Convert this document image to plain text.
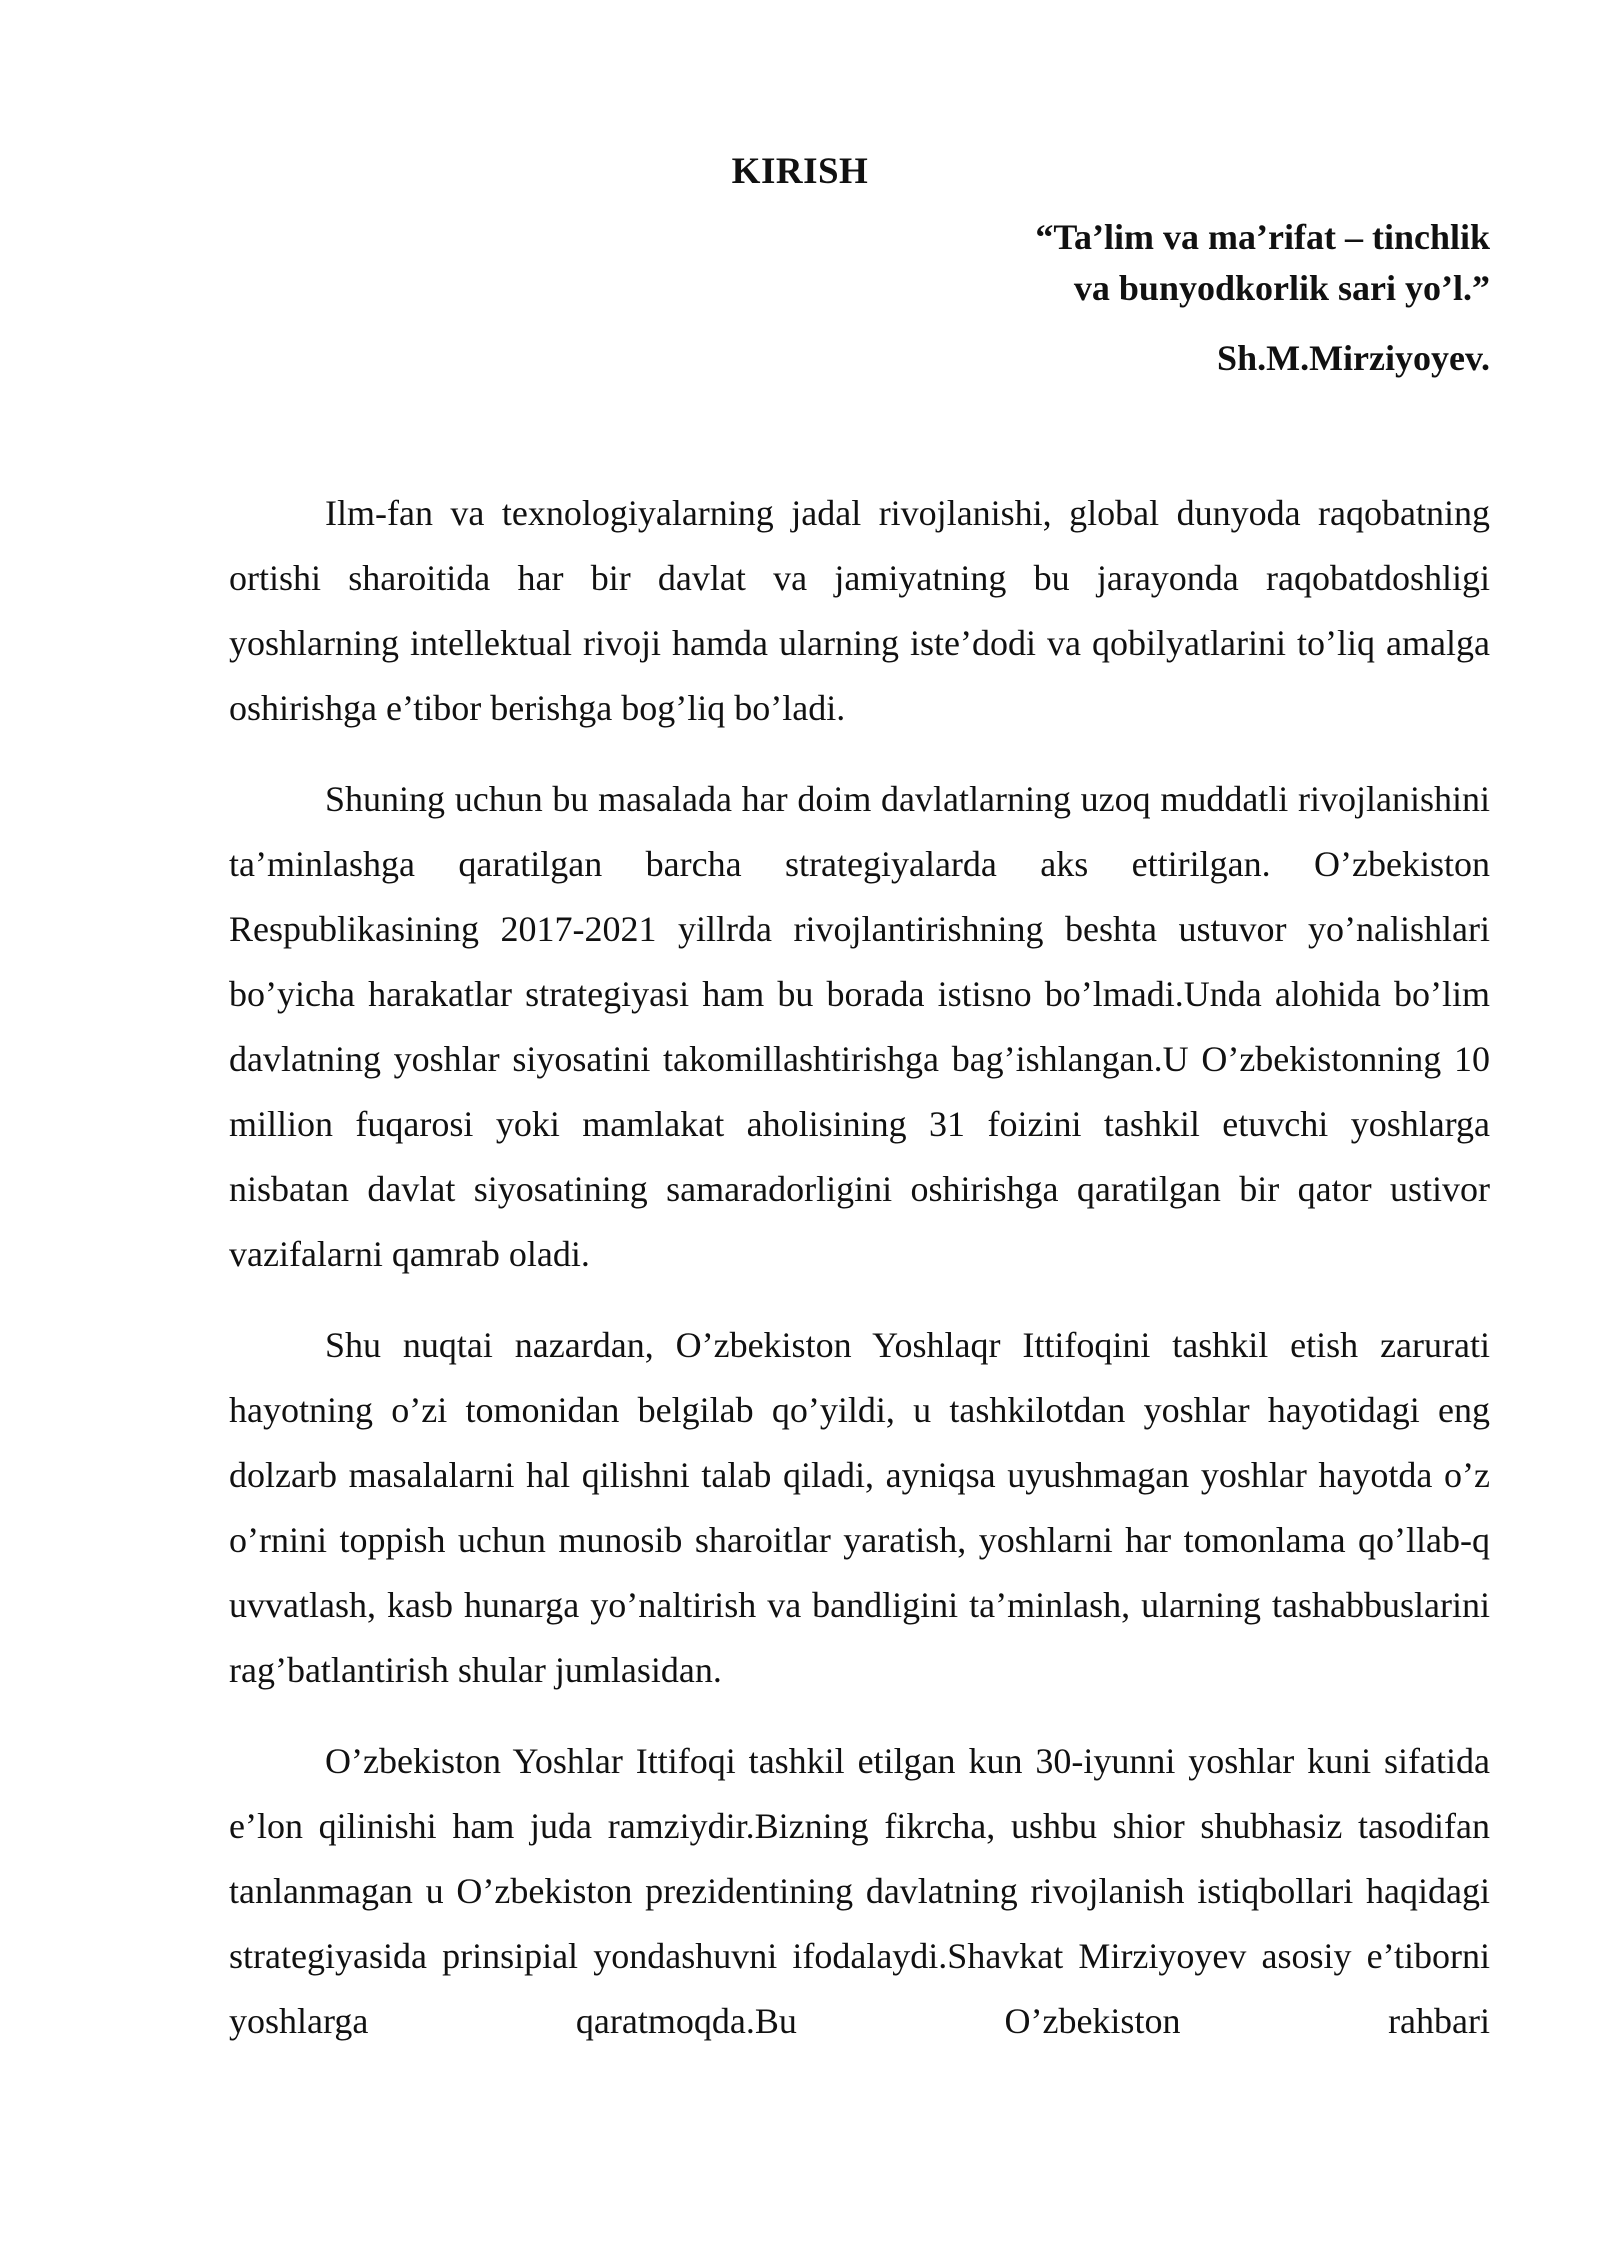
KIRISH
“Ta’lim va ma’rifat – tinchlik
va bunyodkorlik sari yo’l.”
Sh.M.Mirziyoyev.

Ilm-fan va texnologiyalarning jadal rivojlanishi, global dunyoda raqobatning ortishi sharoitida har bir davlat va jamiyatning bu jarayonda raqobatdoshligi yoshlarning intellektual rivoji hamda ularning iste’dodi va qobilyatlarini to’liq amalga oshirishga e’tibor berishga bog’liq bo’ladi.

Shuning uchun bu masalada har doim davlatlarning uzoq muddatli rivojlanishini ta’minlashga qaratilgan barcha strategiyalarda aks ettirilgan. O’zbekiston Respublikasining 2017-2021 yillrda rivojlantirishning beshta ustuvor yo’nalishlari bo’yicha harakatlar strategiyasi ham bu borada istisno bo’lmadi.Unda alohida bo’lim davlatning yoshlar siyosatini takomillashtirishga bag’ishlangan.U O’zbekistonning 10 million fuqarosi yoki mamlakat aholisining 31 foizini tashkil etuvchi yoshlarga nisbatan davlat siyosatining samaradorligini oshirishga qaratilgan bir qator ustivor vazifalarni qamrab oladi.

Shu nuqtai nazardan, O’zbekiston Yoshlaqr Ittifoqini tashkil etish zarurati hayotning o’zi tomonidan belgilab qo’yildi, u tashkilotdan yoshlar hayotidagi eng dolzarb masalalarni hal qilishni talab qiladi, ayniqsa uyushmagan yoshlar hayotda o’z o’rnini toppish uchun munosib sharoitlar yaratish, yoshlarni har tomonlama qo’llab-q uvvatlash, kasb hunarga yo’naltirish va bandligini ta’minlash, ularning tashabbuslarini rag’batlantirish shular jumlasidan.

O’zbekiston Yoshlar Ittifoqi tashkil etilgan kun 30-iyunni yoshlar kuni sifatida e’lon qilinishi ham juda ramziydir.Bizning fikrcha, ushbu shior shubhasiz tasodifan tanlanmagan u O’zbekiston prezidentining davlatning rivojlanish istiqbollari haqidagi strategiyasida prinsipial yondashuvni ifodalaydi.Shavkat Mirziyoyev asosiy e’tiborni yoshlarga qaratmoqda.Bu O’zbekiston rahbari
